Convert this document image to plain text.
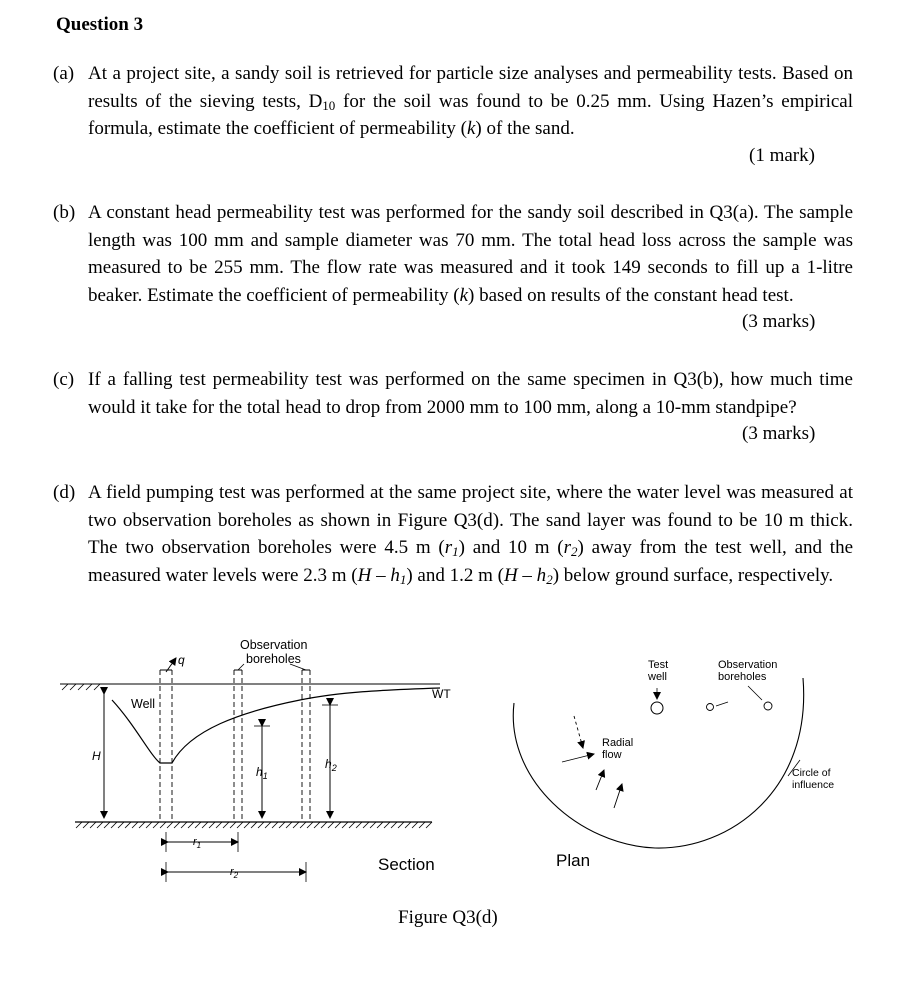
Question 3
(a) At a project site, a sandy soil is retrieved for particle size analyses and permeability tests. Based on results of the sieving tests, $D_{10}$ for the soil was found to be 0.25 mm. Using Hazen’s empirical formula, estimate the coefficient of permeability (k) of the sand.
(1 mark)
(b) A constant head permeability test was performed for the sandy soil described in Q3(a). The sample length was 100 mm and sample diameter was 70 mm. The total head loss across the sample was measured to be 255 mm. The flow rate was measured and it took 149 seconds to fill up a 1-litre beaker. Estimate the coefficient of permeability (k) based on results of the constant head test.
(3 marks)
(c) If a falling test permeability test was performed on the same specimen in Q3(b), how much time would it take for the total head to drop from 2000 mm to 100 mm, along a 10-mm standpipe?
(3 marks)
(d) A field pumping test was performed at the same project site, where the water level was measured at two observation boreholes as shown in Figure Q3(d). The sand layer was found to be 10 m thick. The two observation boreholes were 4.5 m $(r_1)$ and 10 m $(r_2)$ away from the test well, and the measured water levels were 2.3 m $(H - h_1)$ and 1.2 m $(H - h_2)$ below ground surface, respectively.
Observation
boreholes
q
Well
WT
H
$h_1$
$h_2$
$r_1$
$r_2$
Section
Test
well
Observation
boreholes
Radial
flow
Circle of
influence
Plan
Figure Q3(d)
